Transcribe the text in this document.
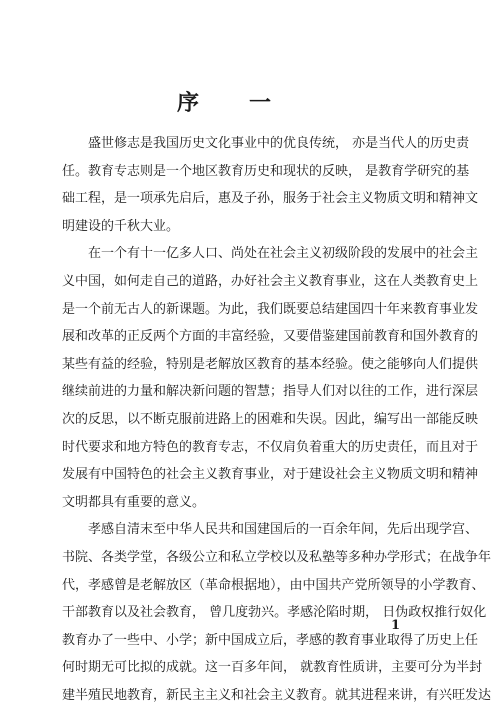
序 一
盛世修志是我国历史文化事业中的优良传统， 亦是当代人的历史责
任。教育专志则是一个地区教育历史和现状的反映， 是教育学研究的基
础工程，是一项承先启后，惠及子孙，服务于社会主义物质文明和精神文
明建设的千秋大业。
在一个有十一亿多人口、尚处在社会主义初级阶段的发展中的社会主
义中国，如何走自己的道路，办好社会主义教育事业，这在人类教育史上
是一个前无古人的新课题。为此，我们既要总结建国四十年来教育事业发
展和改革的正反两个方面的丰富经验，又要借鉴建国前教育和国外教育的
某些有益的经验，特别是老解放区教育的基本经验。使之能够向人们提供
继续前进的力量和解决新问题的智慧；指导人们对以往的工作，进行深层
次的反思，以不断克服前进路上的困难和失误。因此，编写出一部能反映
时代要求和地方特色的教育专志，不仅肩负着重大的历史责任，而且对于
发展有中国特色的社会主义教育事业，对于建设社会主义物质文明和精神
文明都具有重要的意义。
孝感自清末至中华人民共和国建国后的一百余年间，先后出现学宫、
书院、各类学堂，各级公立和私立学校以及私塾等多种办学形式；在战争年
代，孝感曾是老解放区（革命根据地），由中国共产党所领导的小学教育、
干部教育以及社会教育， 曾几度勃兴。孝感沦陷时期， 日伪政权推行奴化
教育办了一些中、小学；新中国成立后，孝感的教育事业取得了历史上任
何时期无可比拟的成就。这一百多年间， 就教育性质讲，主要可分为半封
建半殖民地教育，新民主主义和社会主义教育。就其进程来讲，有兴旺发达
1
